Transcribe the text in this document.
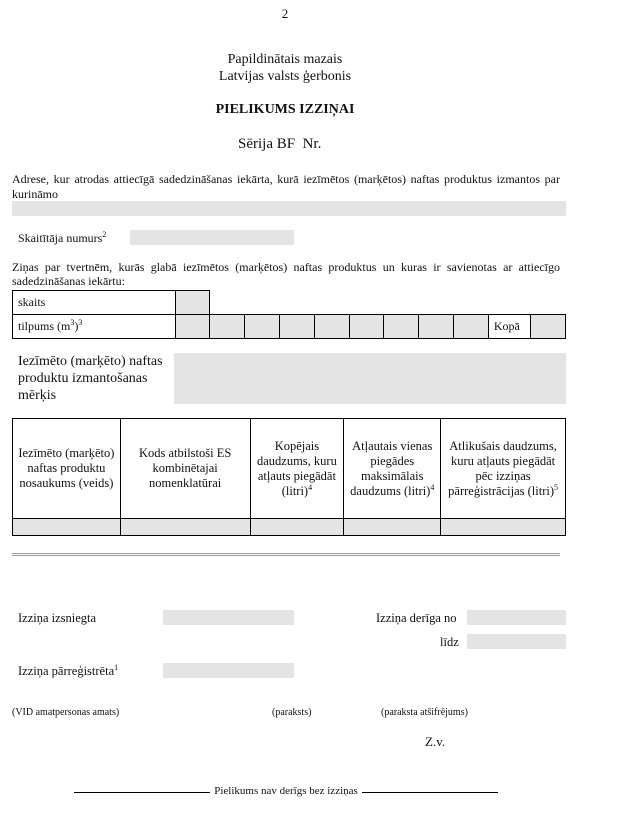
2
Papildinātais mazais
Latvijas valsts ģerbonis
PIELIKUMS IZZIŅAI
Sērija BF Nr.
Adrese, kur atrodas attiecīgā sadedzināšanas iekārta, kurā iezīmētos (marķētos) naftas produktus izmantos par kurināmo
Skaitītāja numurs$^2$
Ziņas par tvertnēm, kurās glabā iezīmētos (marķētos) naftas produktus un kuras ir savienotas ar attiecīgo sadedzināšanas iekārtu:
skaits											
tilpums $(m^3)^3$										Kopā	
Iezīmēto (marķēto) naftas produktu izmantošanas mērķis
Iezīmēto (marķēto) naftas produktu nosaukums (veids)	Kods atbilstoši ES kombinētajai nomenklatūrai	Kopējais daudzums, kuru atļauts piegādāt (litri)$^4$	Atļautais vienas piegādes maksimālais daudzums (litri)$^4$	Atlikušais daudzums, kuru atļauts piegādāt pēc izziņas pārreģistrācijas (litri)$^5$

Izziņa izsniegta	Izziņa derīga no
līdz
Izziņa pārreģistrēta$^1$
(VID amatpersonas amats)	(paraksts)	(paraksta atšifrējums)
Z.v.
Pielikums nav derīgs bez izziņas
